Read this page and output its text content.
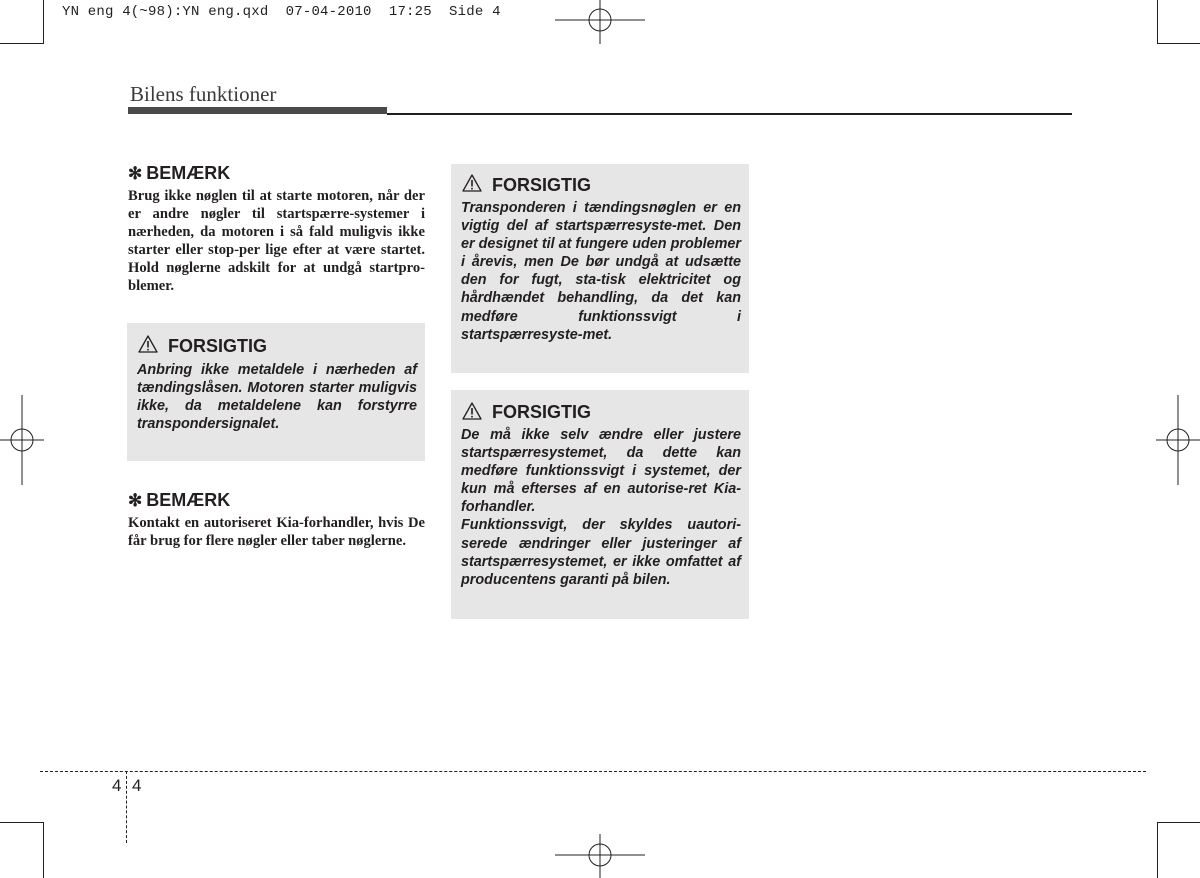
YN eng 4(~98):YN eng.qxd  07-04-2010  17:25  Side 4
Bilens funktioner
✻ BEMÆRK
Brug ikke nøglen til at starte motoren, når der er andre nøgler til startspærre-systemer i nærheden, da motoren i så fald muligvis ikke starter eller stop-per lige efter at være startet. Hold nøglerne adskilt for at undgå startpro-blemer.
FORSIGTIG
Anbring ikke metaldele i nærheden af tændingslåsen. Motoren starter muligvis ikke, da metaldelene kan forstyrre transpondersignalet.
✻ BEMÆRK
Kontakt en autoriseret Kia-forhandler, hvis De får brug for flere nøgler eller taber nøglerne.
FORSIGTIG
Transponderen i tændingsnøglen er en vigtig del af startspærresyste-met. Den er designet til at fungere uden problemer i årevis, men De bør undgå at udsætte den for fugt, sta-tisk elektricitet og hårdhændet behandling, da det kan medføre funktionssvigt i startspærresyste-met.
FORSIGTIG

De må ikke selv ændre eller justere startspærresystemet, da dette kan medføre funktionssvigt i systemet, der kun må efterses af en autorise-ret Kia-forhandler.

Funktionssvigt, der skyldes uautori-serede ændringer eller justeringer af startspærresystemet, er ikke omfattet af producentens garanti på bilen.

4 4
